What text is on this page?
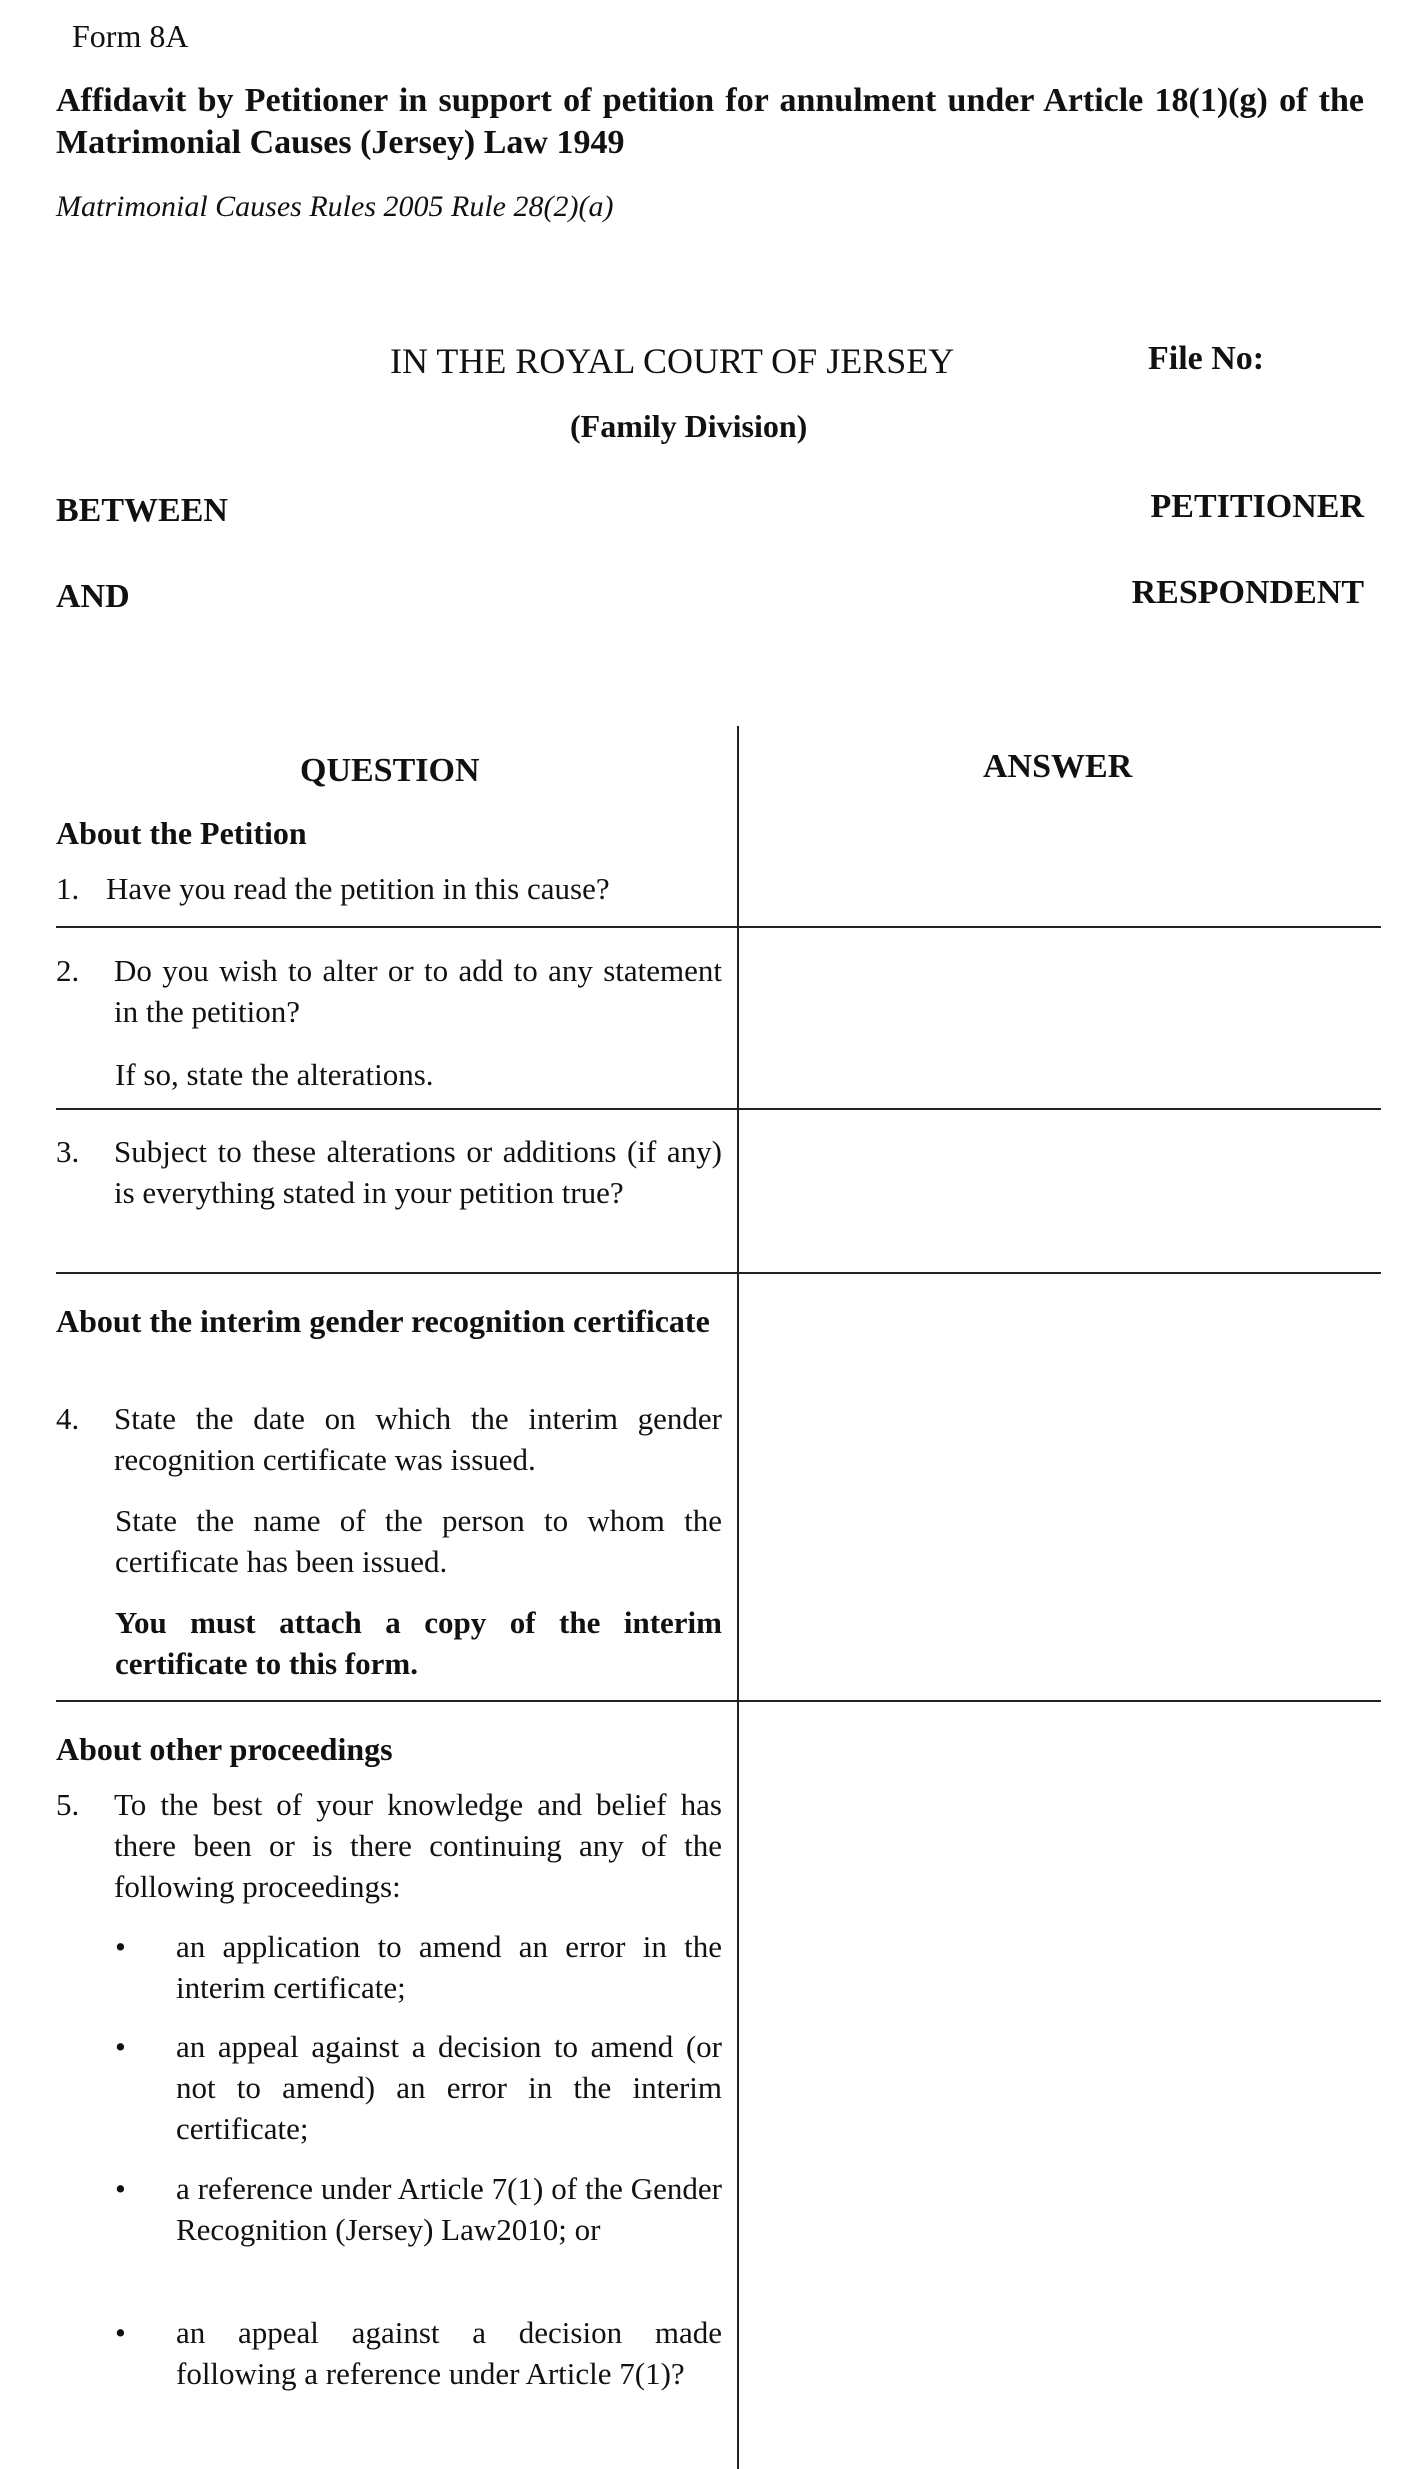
Form 8A
Affidavit by Petitioner in support of petition for annulment under Article 18(1)(g) of the Matrimonial Causes (Jersey) Law 1949
Matrimonial Causes Rules 2005 Rule 28(2)(a)
IN THE ROYAL COURT OF JERSEY	File No:
(Family Division)
BETWEEN	PETITIONER
AND	RESPONDENT
QUESTION	ANSWER
About the Petition
1. Have you read the petition in this cause?
2. Do you wish to alter or to add to any statement in the petition?
If so, state the alterations.
3. Subject to these alterations or additions (if any) is everything stated in your petition true?
About the interim gender recognition certificate
4. State the date on which the interim gender recognition certificate was issued.
State the name of the person to whom the certificate has been issued.
You must attach a copy of the interim certificate to this form.
About other proceedings
5. To the best of your knowledge and belief has there been or is there continuing any of the following proceedings:
• an application to amend an error in the interim certificate;
• an appeal against a decision to amend (or not to amend) an error in the interim certificate;
• a reference under Article 7(1) of the Gender Recognition (Jersey) Law2010; or
• an appeal against a decision made following a reference under Article 7(1)?
